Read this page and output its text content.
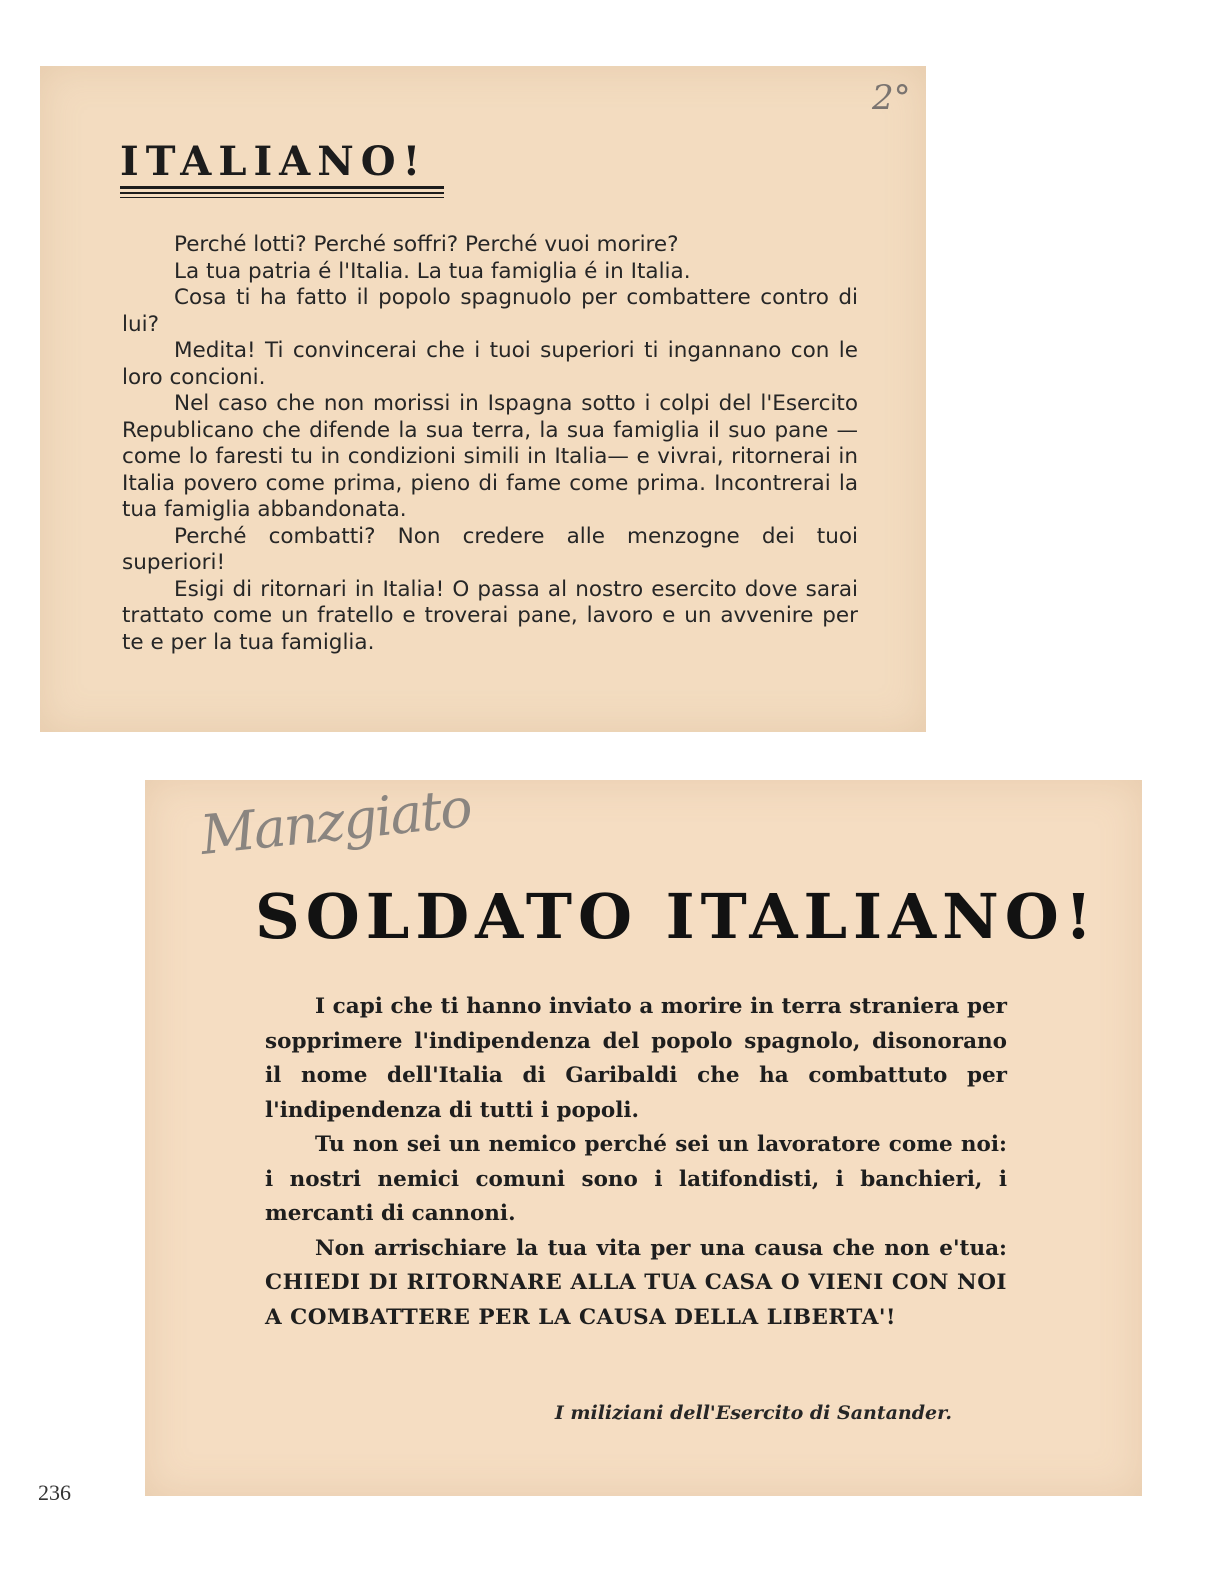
2°
ITALIANO!

Perché lotti? Perché soffri? Perché vuoi morire?

La tua patria é l'Italia. La tua famiglia é in Italia.

Cosa ti ha fatto il popolo spagnuolo per combattere contro di lui?

Medita! Ti convincerai che i tuoi superiori ti ingannano con le loro concioni.

Nel caso che non morissi in Ispagna sotto i colpi del l'Esercito Republicano che difende la sua terra, la sua famiglia il suo pane —come lo faresti tu in condizioni simili in Italia— e vivrai, ritornerai in Italia povero come prima, pieno di fame come prima. Incontrerai la tua famiglia abbandonata.

Perché combatti? Non credere alle menzogne dei tuoi superiori!

Esigi di ritornari in Italia! O passa al nostro esercito dove sarai trattato come un fratello e troverai pane, lavoro e un avvenire per te e per la tua famiglia.

Manzgiato
SOLDATO ITALIANO!

I capi che ti hanno inviato a morire in terra straniera per sopprimere l'indipendenza del popolo spagnolo, disonorano il nome dell'Italia di Garibaldi che ha combattuto per l'indipendenza di tutti i popoli.

Tu non sei un nemico perché sei un lavoratore come noi: i nostri nemici comuni sono i latifondisti, i banchieri, i mercanti di cannoni.

Non arrischiare la tua vita per una causa che non e'tua: CHIEDI DI RITORNARE ALLA TUA CASA O VIENI CON NOI A COMBATTERE PER LA CAUSA DELLA LIBERTA'!

I miliziani dell'Esercito di Santander.
236
